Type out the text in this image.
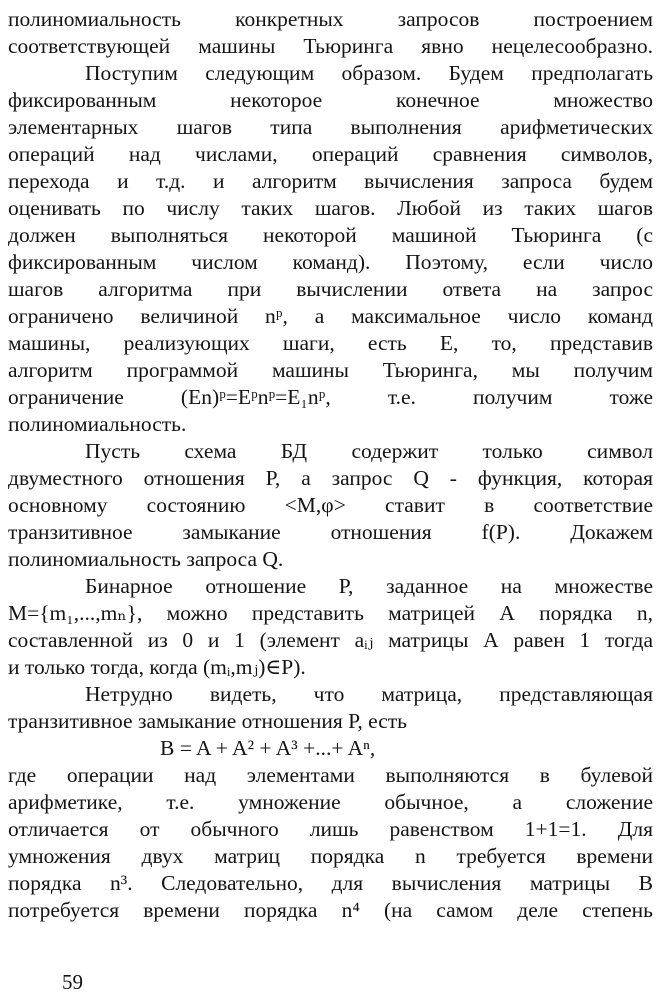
полиномиальность конкретных запросов построением
соответствующей машины Тьюринга явно нецелесообразно.
Поступим следующим образом. Будем предполагать
фиксированным некоторое конечное множество
элементарных шагов типа выполнения арифметических
операций над числами, операций сравнения символов,
перехода и т.д. и алгоритм вычисления запроса будем
оценивать по числу таких шагов. Любой из таких шагов
должен выполняться некоторой машиной Тьюринга (с
фиксированным числом команд). Поэтому, если число
шагов алгоритма при вычислении ответа на запрос
ограничено величиной nᵖ, а максимальное число команд
машины, реализующих шаги, есть Е, то, представив
алгоритм программой машины Тьюринга, мы получим
ограничение (En)ᵖ=Eᵖnᵖ=E₁nᵖ, т.е. получим тоже
полиномиальность.
Пусть схема БД содержит только символ
двуместного отношения Р, а запрос Q - функция, которая
основному состоянию <M,φ> ставит в соответствие
транзитивное замыкание отношения f(P). Докажем
полиномиальность запроса Q.
Бинарное отношение Р, заданное на множестве
M={m₁,...,mₙ}, можно представить матрицей А порядка n,
составленной из 0 и 1 (элемент aᵢⱼ матрицы А равен 1 тогда
и только тогда, когда (mᵢ,mⱼ)∈Р).
Нетрудно видеть, что матрица, представляющая
транзитивное замыкание отношения Р, есть
B = A + A² + A³ +...+ Aⁿ,
где операции над элементами выполняются в булевой
арифметике, т.е. умножение обычное, а сложение
отличается от обычного лишь равенством 1+1=1. Для
умножения двух матриц порядка n требуется времени
порядка n³. Следовательно, для вычисления матрицы В
потребуется времени порядка n⁴ (на самом деле степень
59
